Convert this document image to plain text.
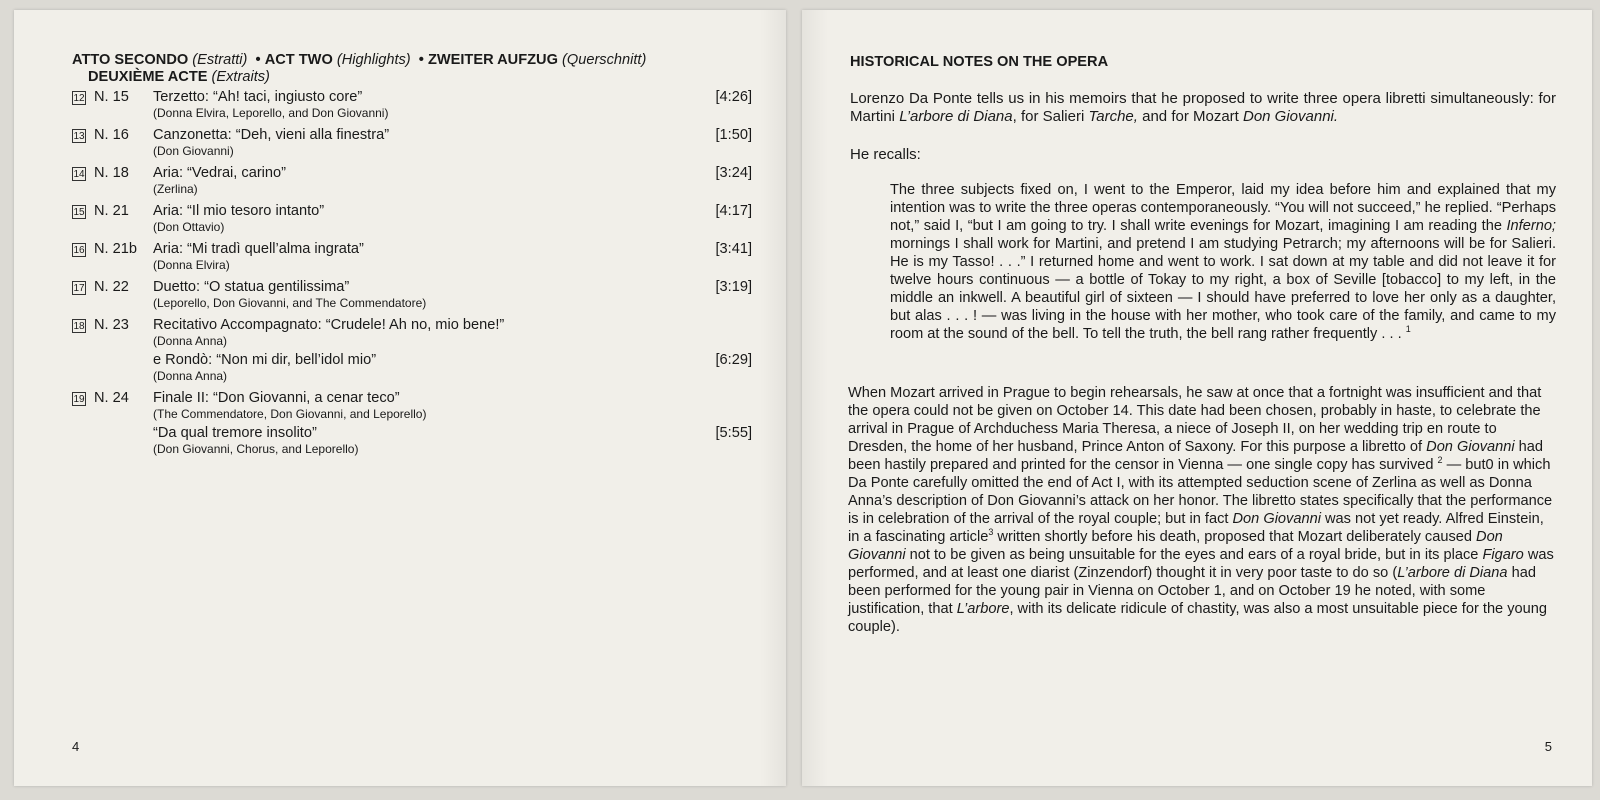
ATTO SECONDO (Estratti) • ACT TWO (Highlights) • ZWEITER AUFZUG (Querschnitt)
DEUXIÈME ACTE (Extraits)
12 N. 15	Terzetto: “Ah! taci, ingiusto core”
(Donna Elvira, Leporello, and Don Giovanni)
[4:26]
13 N. 16	Canzonetta: “Deh, vieni alla finestra”
(Don Giovanni)
[1:50]
14 N. 18	Aria: “Vedrai, carino”
(Zerlina)
[3:24]
15 N. 21	Aria: “Il mio tesoro intanto”
(Don Ottavio)
[4:17]
16 N. 21b	Aria: “Mi tradì quell’alma ingrata”
(Donna Elvira)
[3:41]
17 N. 22	Duetto: “O statua gentilissima”
(Leporello, Don Giovanni, and The Commendatore)
[3:19]
18 N. 23	Recitativo Accompagnato: “Crudele! Ah no, mio bene!”
(Donna Anna)
e Rondò: “Non mi dir, bell’idol mio”
(Donna Anna)
[6:29]
19 N. 24	Finale II: “Don Giovanni, a cenar teco”
(The Commendatore, Don Giovanni, and Leporello)
“Da qual tremore insolito”
(Don Giovanni, Chorus, and Leporello)
[5:55]
4
HISTORICAL NOTES ON THE OPERA
Lorenzo Da Ponte tells us in his memoirs that he proposed to write three opera libretti simultaneously: for Martini L’arbore di Diana, for Salieri Tarche, and for Mozart Don Giovanni.
He recalls:
The three subjects fixed on, I went to the Emperor, laid my idea before him and explained that my intention was to write the three operas contemporaneously. “You will not succeed,” he replied. “Perhaps not,” said I, “but I am going to try. I shall write evenings for Mozart, imagining I am reading the Inferno; mornings I shall work for Martini, and pretend I am studying Petrarch; my afternoons will be for Salieri. He is my Tasso! . . .” I returned home and went to work. I sat down at my table and did not leave it for twelve hours continuous — a bottle of Tokay to my right, a box of Seville [tobacco] to my left, in the middle an inkwell. A beautiful girl of sixteen — I should have preferred to love her only as a daughter, but alas . . . ! — was living in the house with her mother, who took care of the family, and came to my room at the sound of the bell. To tell the truth, the bell rang rather frequently . . . $^1$
When Mozart arrived in Prague to begin rehearsals, he saw at once that a fortnight was insufficient and that the opera could not be given on October 14. This date had been chosen, probably in haste, to celebrate the arrival in Prague of Archduchess Maria Theresa, a niece of Joseph II, on her wedding trip en route to Dresden, the home of her husband, Prince Anton of Saxony. For this purpose a libretto of Don Giovanni had been hastily prepared and printed for the censor in Vienna — one single copy has survived $^2$ — but0 in which Da Ponte carefully omitted the end of Act I, with its attempted seduction scene of Zerlina as well as Donna Anna’s description of Don Giovanni’s attack on her honor. The libretto states specifically that the performance is in celebration of the arrival of the royal couple; but in fact Don Giovanni was not yet ready. Alfred Einstein, in a fascinating article$^3$ written shortly before his death, proposed that Mozart deliberately caused Don Giovanni not to be given as being unsuitable for the eyes and ears of a royal bride, but in its place Figaro was performed, and at least one diarist (Zinzendorf) thought it in very poor taste to do so (L’arbore di Diana had been performed for the young pair in Vienna on October 1, and on October 19 he noted, with some justification, that L’arbore, with its delicate ridicule of chastity, was also a most unsuitable piece for the young couple).
5
